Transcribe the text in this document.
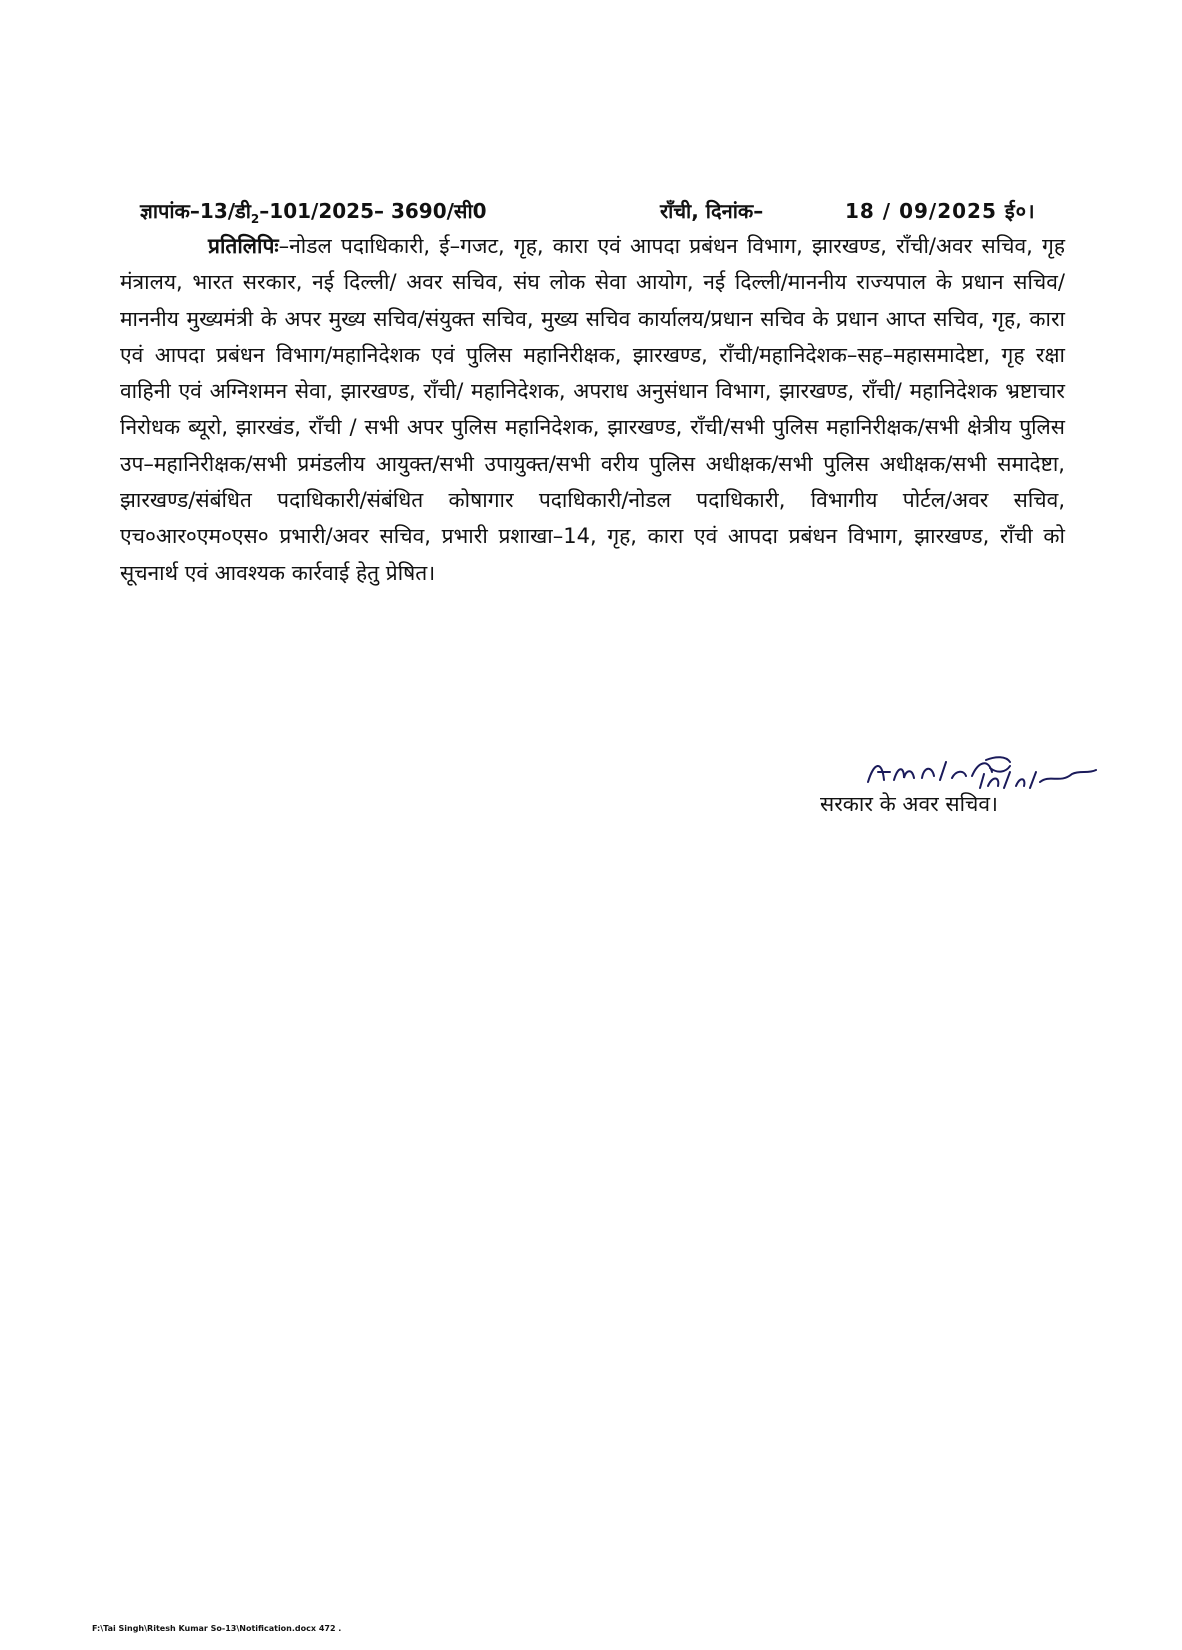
$ज्ञापांक-13/डी_2-101/2025-$ 3690/सी0	राँची, दिनांक–	18 / 09/2025 ई०।
प्रतिलिपिः–नोडल पदाधिकारी, ई–गजट, गृह, कारा एवं आपदा प्रबंधन विभाग, झारखण्ड, राँची/अवर सचिव, गृह मंत्रालय, भारत सरकार, नई दिल्ली/ अवर सचिव, संघ लोक सेवा आयोग, नई दिल्ली/माननीय राज्यपाल के प्रधान सचिव/माननीय मुख्यमंत्री के अपर मुख्य सचिव/संयुक्त सचिव, मुख्य सचिव कार्यालय/प्रधान सचिव के प्रधान आप्त सचिव, गृह, कारा एवं आपदा प्रबंधन विभाग/महानिदेशक एवं पुलिस महानिरीक्षक, झारखण्ड, राँची/महानिदेशक–सह–महासमादेष्टा, गृह रक्षा वाहिनी एवं अग्निशमन सेवा, झारखण्ड, राँची/ महानिदेशक, अपराध अनुसंधान विभाग, झारखण्ड, राँची/ महानिदेशक भ्रष्टाचार निरोधक ब्यूरो, झारखंड, राँची / सभी अपर पुलिस महानिदेशक, झारखण्ड, राँची/सभी पुलिस महानिरीक्षक/सभी क्षेत्रीय पुलिस उप–महानिरीक्षक/सभी प्रमंडलीय आयुक्त/सभी उपायुक्त/सभी वरीय पुलिस अधीक्षक/सभी पुलिस अधीक्षक/सभी समादेष्टा, झारखण्ड/संबंधित पदाधिकारी/संबंधित कोषागार पदाधिकारी/नोडल पदाधिकारी, विभागीय पोर्टल/अवर सचिव, एच०आर०एम०एस० प्रभारी/अवर सचिव, प्रभारी प्रशाखा–14, गृह, कारा एवं आपदा प्रबंधन विभाग, झारखण्ड, राँची को सूचनार्थ एवं आवश्यक कार्रवाई हेतु प्रेषित।
सरकार के अवर सचिव।
F:\Tai Singh\Ritesh Kumar So-13\Notification.docx 472 .
